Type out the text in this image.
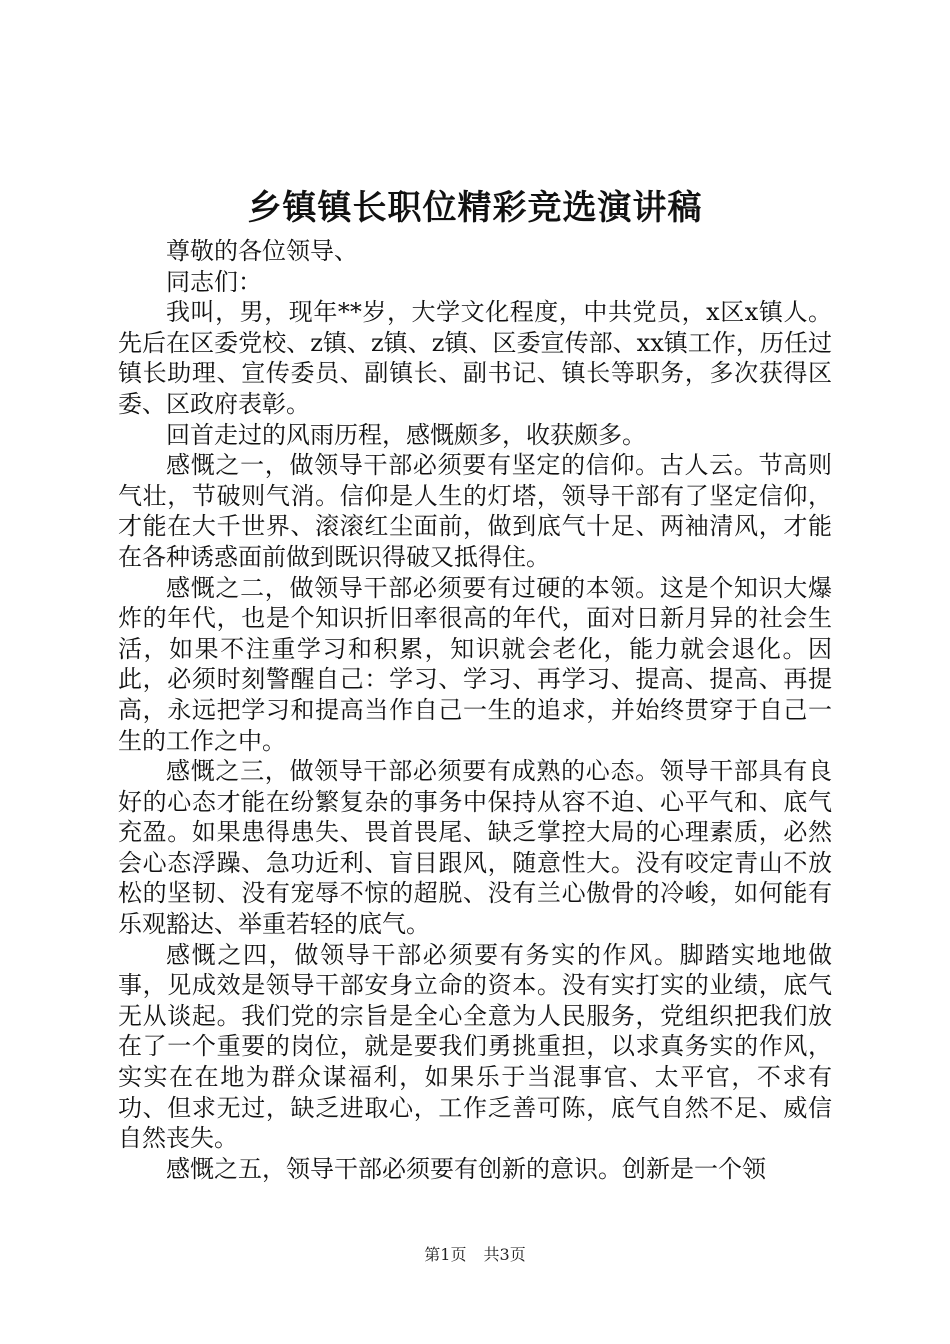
乡镇镇长职位精彩竞选演讲稿

尊敬的各位领导、

同志们：

我叫，男，现年**岁，大学文化程度，中共党员，x区x镇人。先后在区委党校、z镇、z镇、z镇、区委宣传部、xx镇工作，历任过镇长助理、宣传委员、副镇长、副书记、镇长等职务，多次获得区委、区政府表彰。

回首走过的风雨历程，感慨颇多，收获颇多。

感慨之一，做领导干部必须要有坚定的信仰。古人云。节高则气壮，节破则气消。信仰是人生的灯塔，领导干部有了坚定信仰，才能在大千世界、滚滚红尘面前，做到底气十足、两袖清风，才能在各种诱惑面前做到既识得破又抵得住。

感慨之二，做领导干部必须要有过硬的本领。这是个知识大爆炸的年代，也是个知识折旧率很高的年代，面对日新月异的社会生活，如果不注重学习和积累，知识就会老化，能力就会退化。因此，必须时刻警醒自己：学习、学习、再学习、提高、提高、再提高，永远把学习和提高当作自己一生的追求，并始终贯穿于自己一生的工作之中。

感慨之三，做领导干部必须要有成熟的心态。领导干部具有良好的心态才能在纷繁复杂的事务中保持从容不迫、心平气和、底气充盈。如果患得患失、畏首畏尾、缺乏掌控大局的心理素质，必然会心态浮躁、急功近利、盲目跟风，随意性大。没有咬定青山不放松的坚韧、没有宠辱不惊的超脱、没有兰心傲骨的冷峻，如何能有乐观豁达、举重若轻的底气。

感慨之四，做领导干部必须要有务实的作风。脚踏实地地做事，见成效是领导干部安身立命的资本。没有实打实的业绩，底气无从谈起。我们党的宗旨是全心全意为人民服务，党组织把我们放在了一个重要的岗位，就是要我们勇挑重担，以求真务实的作风，实实在在地为群众谋福利，如果乐于当混事官、太平官，不求有功、但求无过，缺乏进取心，工作乏善可陈，底气自然不足、威信自然丧失。

感慨之五，领导干部必须要有创新的意识。创新是一个领

第1页 共3页
